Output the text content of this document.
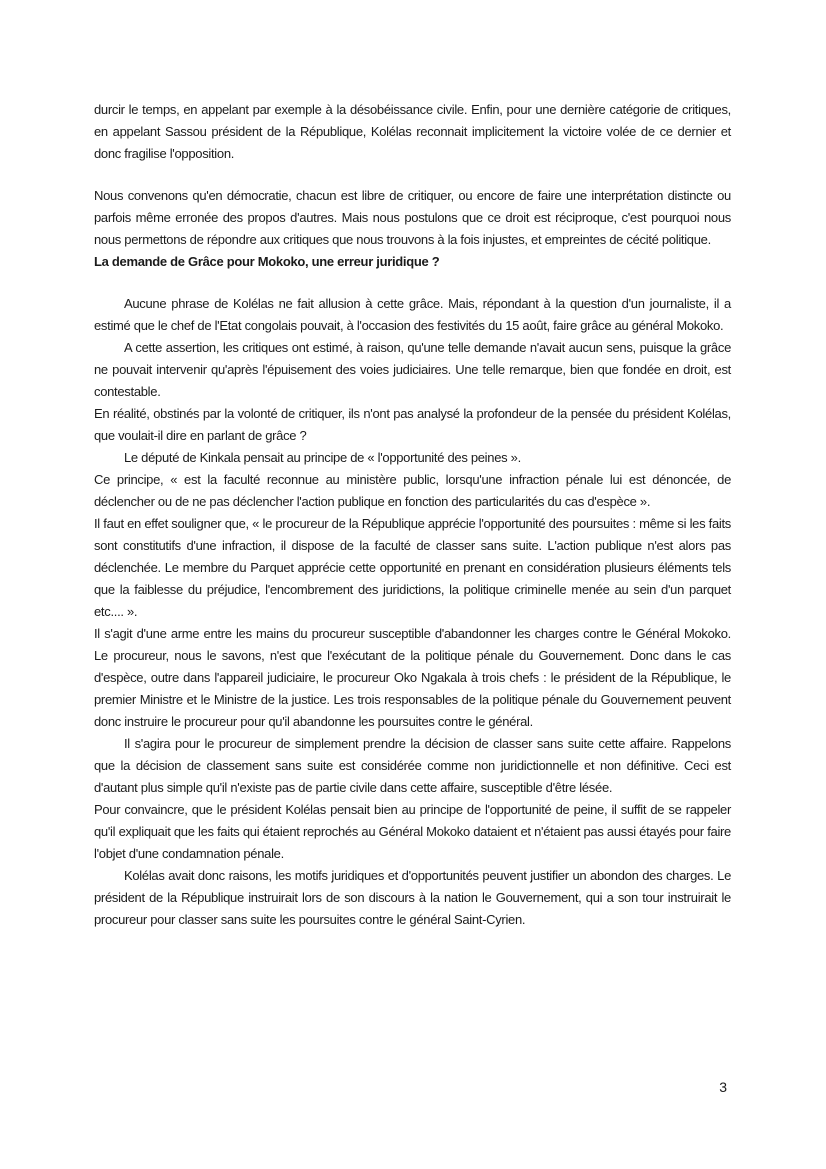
durcir le temps, en appelant par exemple à la désobéissance civile. Enfin, pour une dernière catégorie de critiques, en appelant Sassou président de la République, Kolélas reconnait implicitement la victoire volée de ce dernier et donc fragilise l'opposition.

Nous convenons qu'en démocratie, chacun est libre de critiquer, ou encore de faire une interprétation distincte ou parfois même erronée des propos d'autres. Mais nous postulons que ce droit est réciproque, c'est pourquoi nous nous permettons de répondre aux critiques que nous trouvons à la fois injustes, et empreintes de cécité politique.

La demande de Grâce pour Mokoko, une erreur juridique ?

Aucune phrase de Kolélas ne fait allusion à cette grâce. Mais, répondant à la question d'un journaliste, il a estimé que le chef de l'Etat congolais pouvait, à l'occasion des festivités du 15 août, faire grâce au général Mokoko.

A cette assertion, les critiques ont estimé, à raison, qu'une telle demande n'avait aucun sens, puisque la grâce ne pouvait intervenir qu'après l'épuisement des voies judiciaires. Une telle remarque, bien que fondée en droit, est contestable.

En réalité, obstinés par la volonté de critiquer, ils n'ont pas analysé la profondeur de la pensée du président Kolélas, que voulait-il dire en parlant de grâce ?

Le député de Kinkala pensait au principe de « l'opportunité des peines ».

Ce principe, « est la faculté reconnue au ministère public, lorsqu'une infraction pénale lui est dénoncée, de déclencher ou de ne pas déclencher l'action publique en fonction des particularités du cas d'espèce ».

Il faut en effet souligner que, « le procureur de la République apprécie l'opportunité des poursuites : même si les faits sont constitutifs d'une infraction, il dispose de la faculté de classer sans suite. L'action publique n'est alors pas déclenchée. Le membre du Parquet apprécie cette opportunité en prenant en considération plusieurs éléments tels que la faiblesse du préjudice, l'encombrement des juridictions, la politique criminelle menée au sein d'un parquet etc.... ».

Il s'agit d'une arme entre les mains du procureur susceptible d'abandonner les charges contre le Général Mokoko. Le procureur, nous le savons, n'est que l'exécutant de la politique pénale du Gouvernement. Donc dans le cas d'espèce, outre dans l'appareil judiciaire, le procureur Oko Ngakala à trois chefs : le président de la République, le premier Ministre et le Ministre de la justice. Les trois responsables de la politique pénale du Gouvernement peuvent donc instruire le procureur pour qu'il abandonne les poursuites contre le général.

Il s'agira pour le procureur de simplement prendre la décision de classer sans suite cette affaire. Rappelons que la décision de classement sans suite est considérée comme non juridictionnelle et non définitive. Ceci est d'autant plus simple qu'il n'existe pas de partie civile dans cette affaire, susceptible d'être lésée.

Pour convaincre, que le président Kolélas pensait bien au principe de l'opportunité de peine, il suffit de se rappeler qu'il expliquait que les faits qui étaient reprochés au Général Mokoko dataient et n'étaient pas aussi étayés pour faire l'objet d'une condamnation pénale.

Kolélas avait donc raisons, les motifs juridiques et d'opportunités peuvent justifier un abondon des charges. Le président de la République instruirait lors de son discours à la nation le Gouvernement, qui a son tour instruirait le procureur pour classer sans suite les poursuites contre le général Saint-Cyrien.

3
